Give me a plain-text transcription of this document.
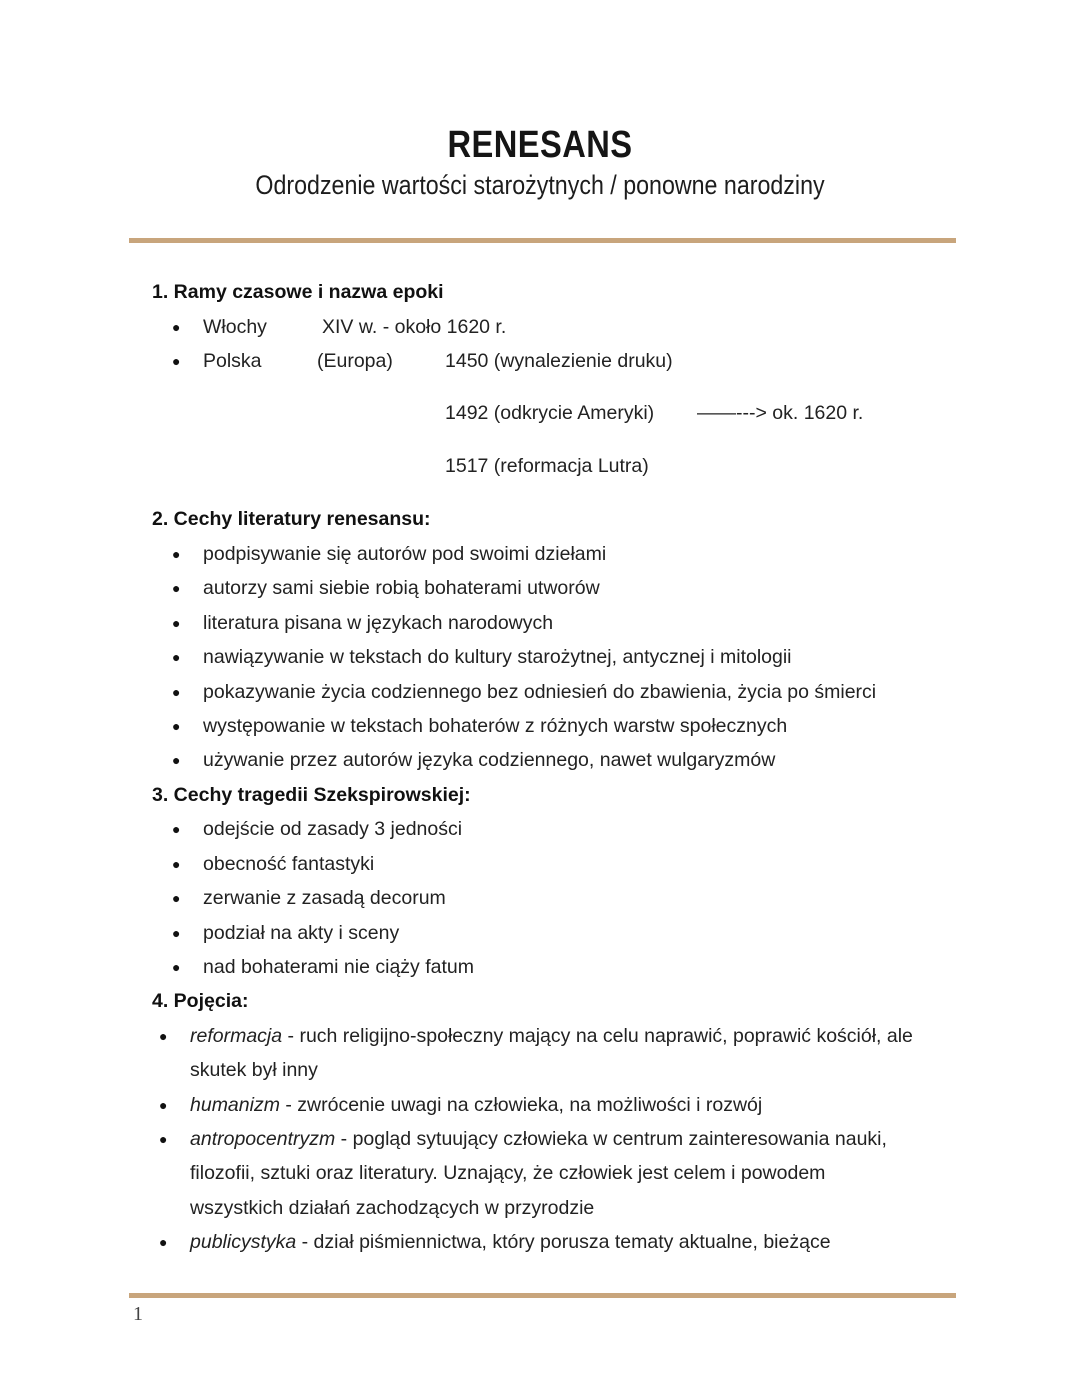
RENESANS
Odrodzenie wartości starożytnych / ponowne narodziny
1. Ramy czasowe i nazwa epoki
● Włochy	XIV w. - około 1620 r.
● Polska	(Europa)	1450 (wynalezienie druku)
1492 (odkrycie Ameryki) ——---> ok. 1620 r.
1517 (reformacja Lutra)
2. Cechy literatury renesansu:
● podpisywanie się autorów pod swoimi dziełami
● autorzy sami siebie robią bohaterami utworów
● literatura pisana w językach narodowych
● nawiązywanie w tekstach do kultury starożytnej, antycznej i mitologii
● pokazywanie życia codziennego bez odniesień do zbawienia, życia po śmierci
● występowanie w tekstach bohaterów z różnych warstw społecznych
● używanie przez autorów języka codziennego, nawet wulgaryzmów
3. Cechy tragedii Szekspirowskiej:
● odejście od zasady 3 jedności
● obecność fantastyki
● zerwanie z zasadą decorum
● podział na akty i sceny
● nad bohaterami nie ciąży fatum
4. Pojęcia:
● reformacja - ruch religijno-społeczny mający na celu naprawić, poprawić kościół, ale
skutek był inny
● humanizm - zwrócenie uwagi na człowieka, na możliwości i rozwój
● antropocentryzm - pogląd sytuujący człowieka w centrum zainteresowania nauki,
filozofii, sztuki oraz literatury. Uznający, że człowiek jest celem i powodem
wszystkich działań zachodzących w przyrodzie
● publicystyka - dział piśmiennictwa, który porusza tematy aktualne, bieżące
1
